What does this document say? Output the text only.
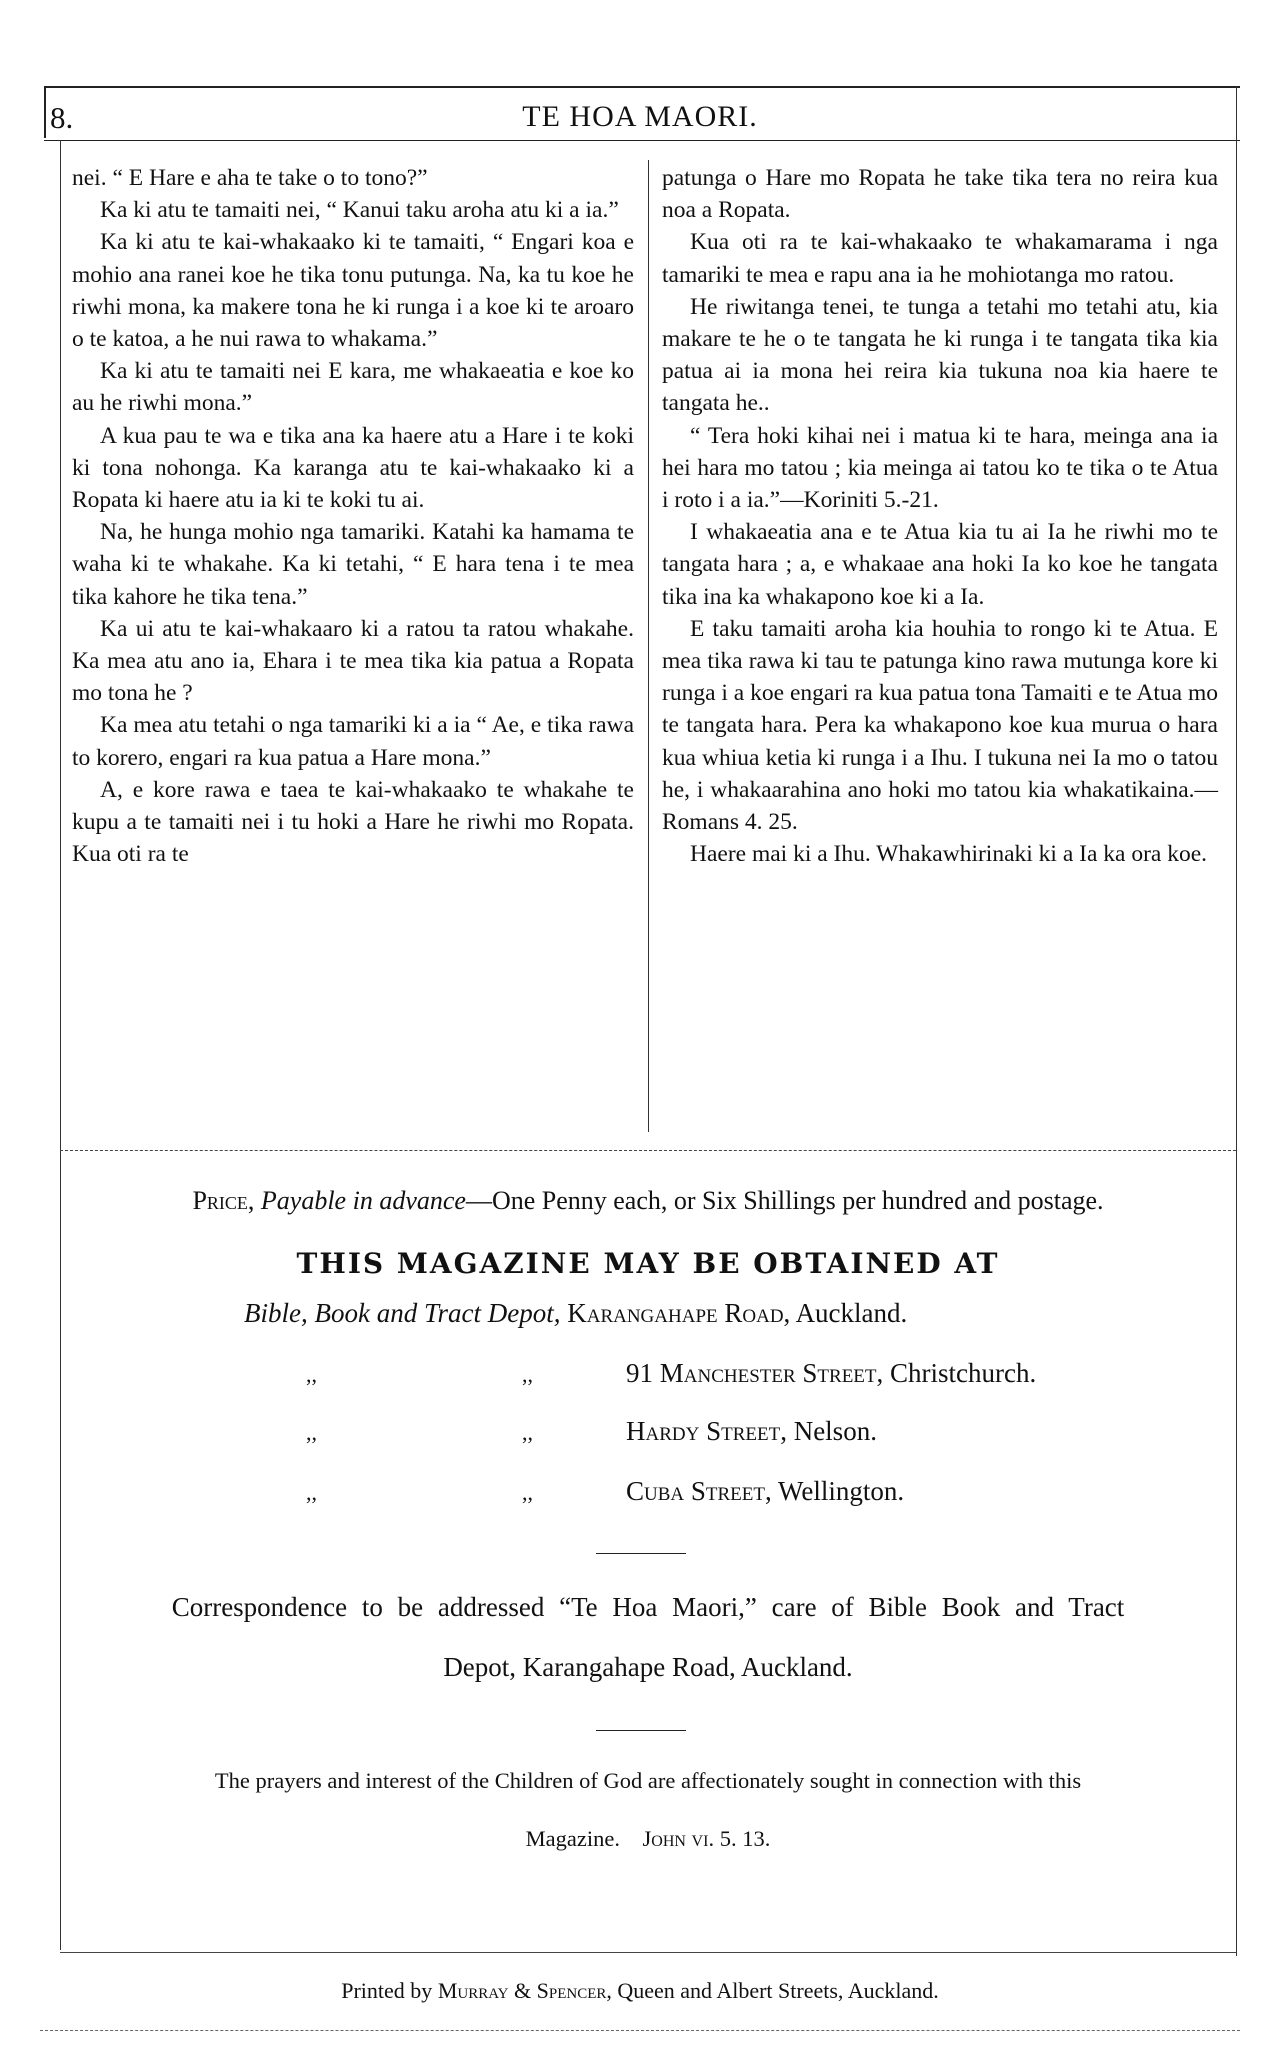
8.	TE HOA MAORI.

nei. “ E Hare e aha te take o to tono?”

Ka ki atu te tamaiti nei, “ Kanui taku aroha atu ki a ia.”

Ka ki atu te kai-whakaako ki te tamaiti, “ Engari koa e mohio ana ranei koe he tika tonu putunga. Na, ka tu koe he riwhi mona, ka makere tona he ki runga i a koe ki te aroaro o te katoa, a he nui rawa to whakama.”

Ka ki atu te tamaiti nei E kara, me whakaeatia e koe ko au he riwhi mona.”

A kua pau te wa e tika ana ka haere atu a Hare i te koki ki tona nohonga. Ka karanga atu te kai-whakaako ki a Ropata ki haere atu ia ki te koki tu ai.

Na, he hunga mohio nga tamariki. Katahi ka hamama te waha ki te whakahe. Ka ki tetahi, “ E hara tena i te mea tika kahore he tika tena.”

Ka ui atu te kai-whakaaro ki a ratou ta ratou whakahe. Ka mea atu ano ia, Ehara i te mea tika kia patua a Ropata mo tona he ?

Ka mea atu tetahi o nga tamariki ki a ia “ Ae, e tika rawa to korero, engari ra kua patua a Hare mona.”

A, e kore rawa e taea te kai-whakaako te whakahe te kupu a te tamaiti nei i tu hoki a Hare he riwhi mo Ropata. Kua oti ra te

patunga o Hare mo Ropata he take tika tera no reira kua noa a Ropata.

Kua oti ra te kai-whakaako te whakamarama i nga tamariki te mea e rapu ana ia he mohiotanga mo ratou.

He riwitanga tenei, te tunga a tetahi mo tetahi atu, kia makare te he o te tangata he ki runga i te tangata tika kia patua ai ia mona hei reira kia tukuna noa kia haere te tangata he..

“ Tera hoki kihai nei i matua ki te hara, meinga ana ia hei hara mo tatou ; kia meinga ai tatou ko te tika o te Atua i roto i a ia.”—Koriniti 5.-21.

I whakaeatia ana e te Atua kia tu ai Ia he riwhi mo te tangata hara ; a, e whakaae ana hoki Ia ko koe he tangata tika ina ka whakapono koe ki a Ia.

E taku tamaiti aroha kia houhia to rongo ki te Atua. E mea tika rawa ki tau te patunga kino rawa mutunga kore ki runga i a koe engari ra kua patua tona Tamaiti e te Atua mo te tangata hara. Pera ka whakapono koe kua murua o hara kua whiua ketia ki runga i a Ihu. I tukuna nei Ia mo o tatou he, i whakaarahina ano hoki mo tatou kia whakatikaina.—Romans 4. 25.

Haere mai ki a Ihu. Whakawhirinaki ki a Ia ka ora koe.

Price, Payable in advance—One Penny each, or Six Shillings per hundred and postage.
THIS MAGAZINE MAY BE OBTAINED AT
Bible, Book and Tract Depot, Karangahape Road, Auckland.
,,	,,	91 Manchester Street, Christchurch.
,,	,,	Hardy Street, Nelson.
,,	,,	Cuba Street, Wellington.
Correspondence to be addressed “Te Hoa Maori,” care of Bible Book and Tract
Depot, Karangahape Road, Auckland.
The prayers and interest of the Children of God are affectionately sought in connection with this
Magazine. John vi. 5. 13.
Printed by Murray & Spencer, Queen and Albert Streets, Auckland.
